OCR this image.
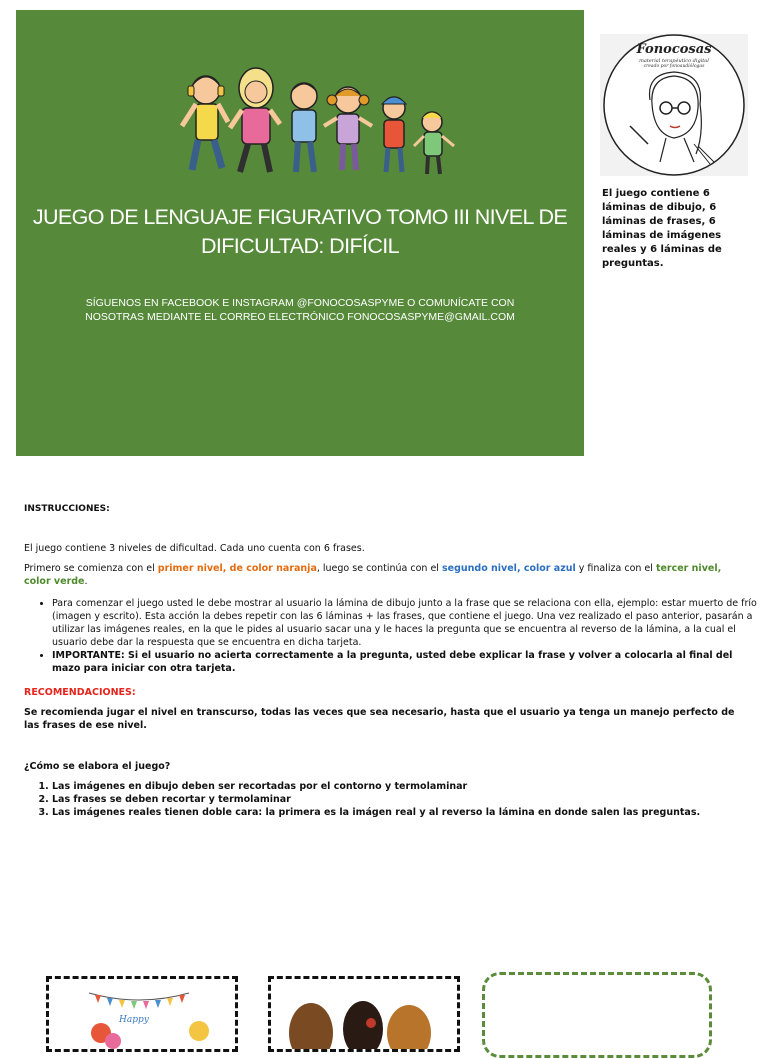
JUEGO DE LENGUAJE FIGURATIVO TOMO III NIVEL DE DIFICULTAD: DIFÍCIL
SÍGUENOS EN FACEBOOK E INSTAGRAM @FONOCOSASPYME O COMUNÍCATE CON NOSOTRAS MEDIANTE EL CORREO ELECTRÓNICO FONOCOSASPYME@GMAIL.COM
Fonocosas
material terapéutico digital
creado por fonoaudiólogas
El juego contiene 6 láminas de dibujo, 6 láminas de frases, 6 láminas de imágenes reales y 6 láminas de preguntas.
INSTRUCCIONES:
El juego contiene 3 niveles de dificultad. Cada uno cuenta con 6 frases.
Primero se comienza con el primer nivel, de color naranja, luego se continúa con el segundo nivel, color azul y finaliza con el tercer nivel, color verde.
• Para comenzar el juego usted le debe mostrar al usuario la lámina de dibujo junto a la frase que se relaciona con ella, ejemplo: estar muerto de frío (imagen y escrito). Esta acción la debes repetir con las 6 láminas + las frases, que contiene el juego. Una vez realizado el paso anterior, pasarán a utilizar las imágenes reales, en la que le pides al usuario sacar una y le haces la pregunta que se encuentra al reverso de la lámina, a la cual el usuario debe dar la respuesta que se encuentra en dicha tarjeta.
• IMPORTANTE: Si el usuario no acierta correctamente a la pregunta, usted debe explicar la frase y volver a colocarla al final del mazo para iniciar con otra tarjeta.
RECOMENDACIONES:
Se recomienda jugar el nivel en transcurso, todas las veces que sea necesario, hasta que el usuario ya tenga un manejo perfecto de las frases de ese nivel.
¿Cómo se elabora el juego?
1. Las imágenes en dibujo deben ser recortadas por el contorno y termolaminar
2. Las frases se deben recortar y termolaminar
3. Las imágenes reales tienen doble cara: la primera es la imágen real y al reverso la lámina en donde salen las preguntas.
Happy
